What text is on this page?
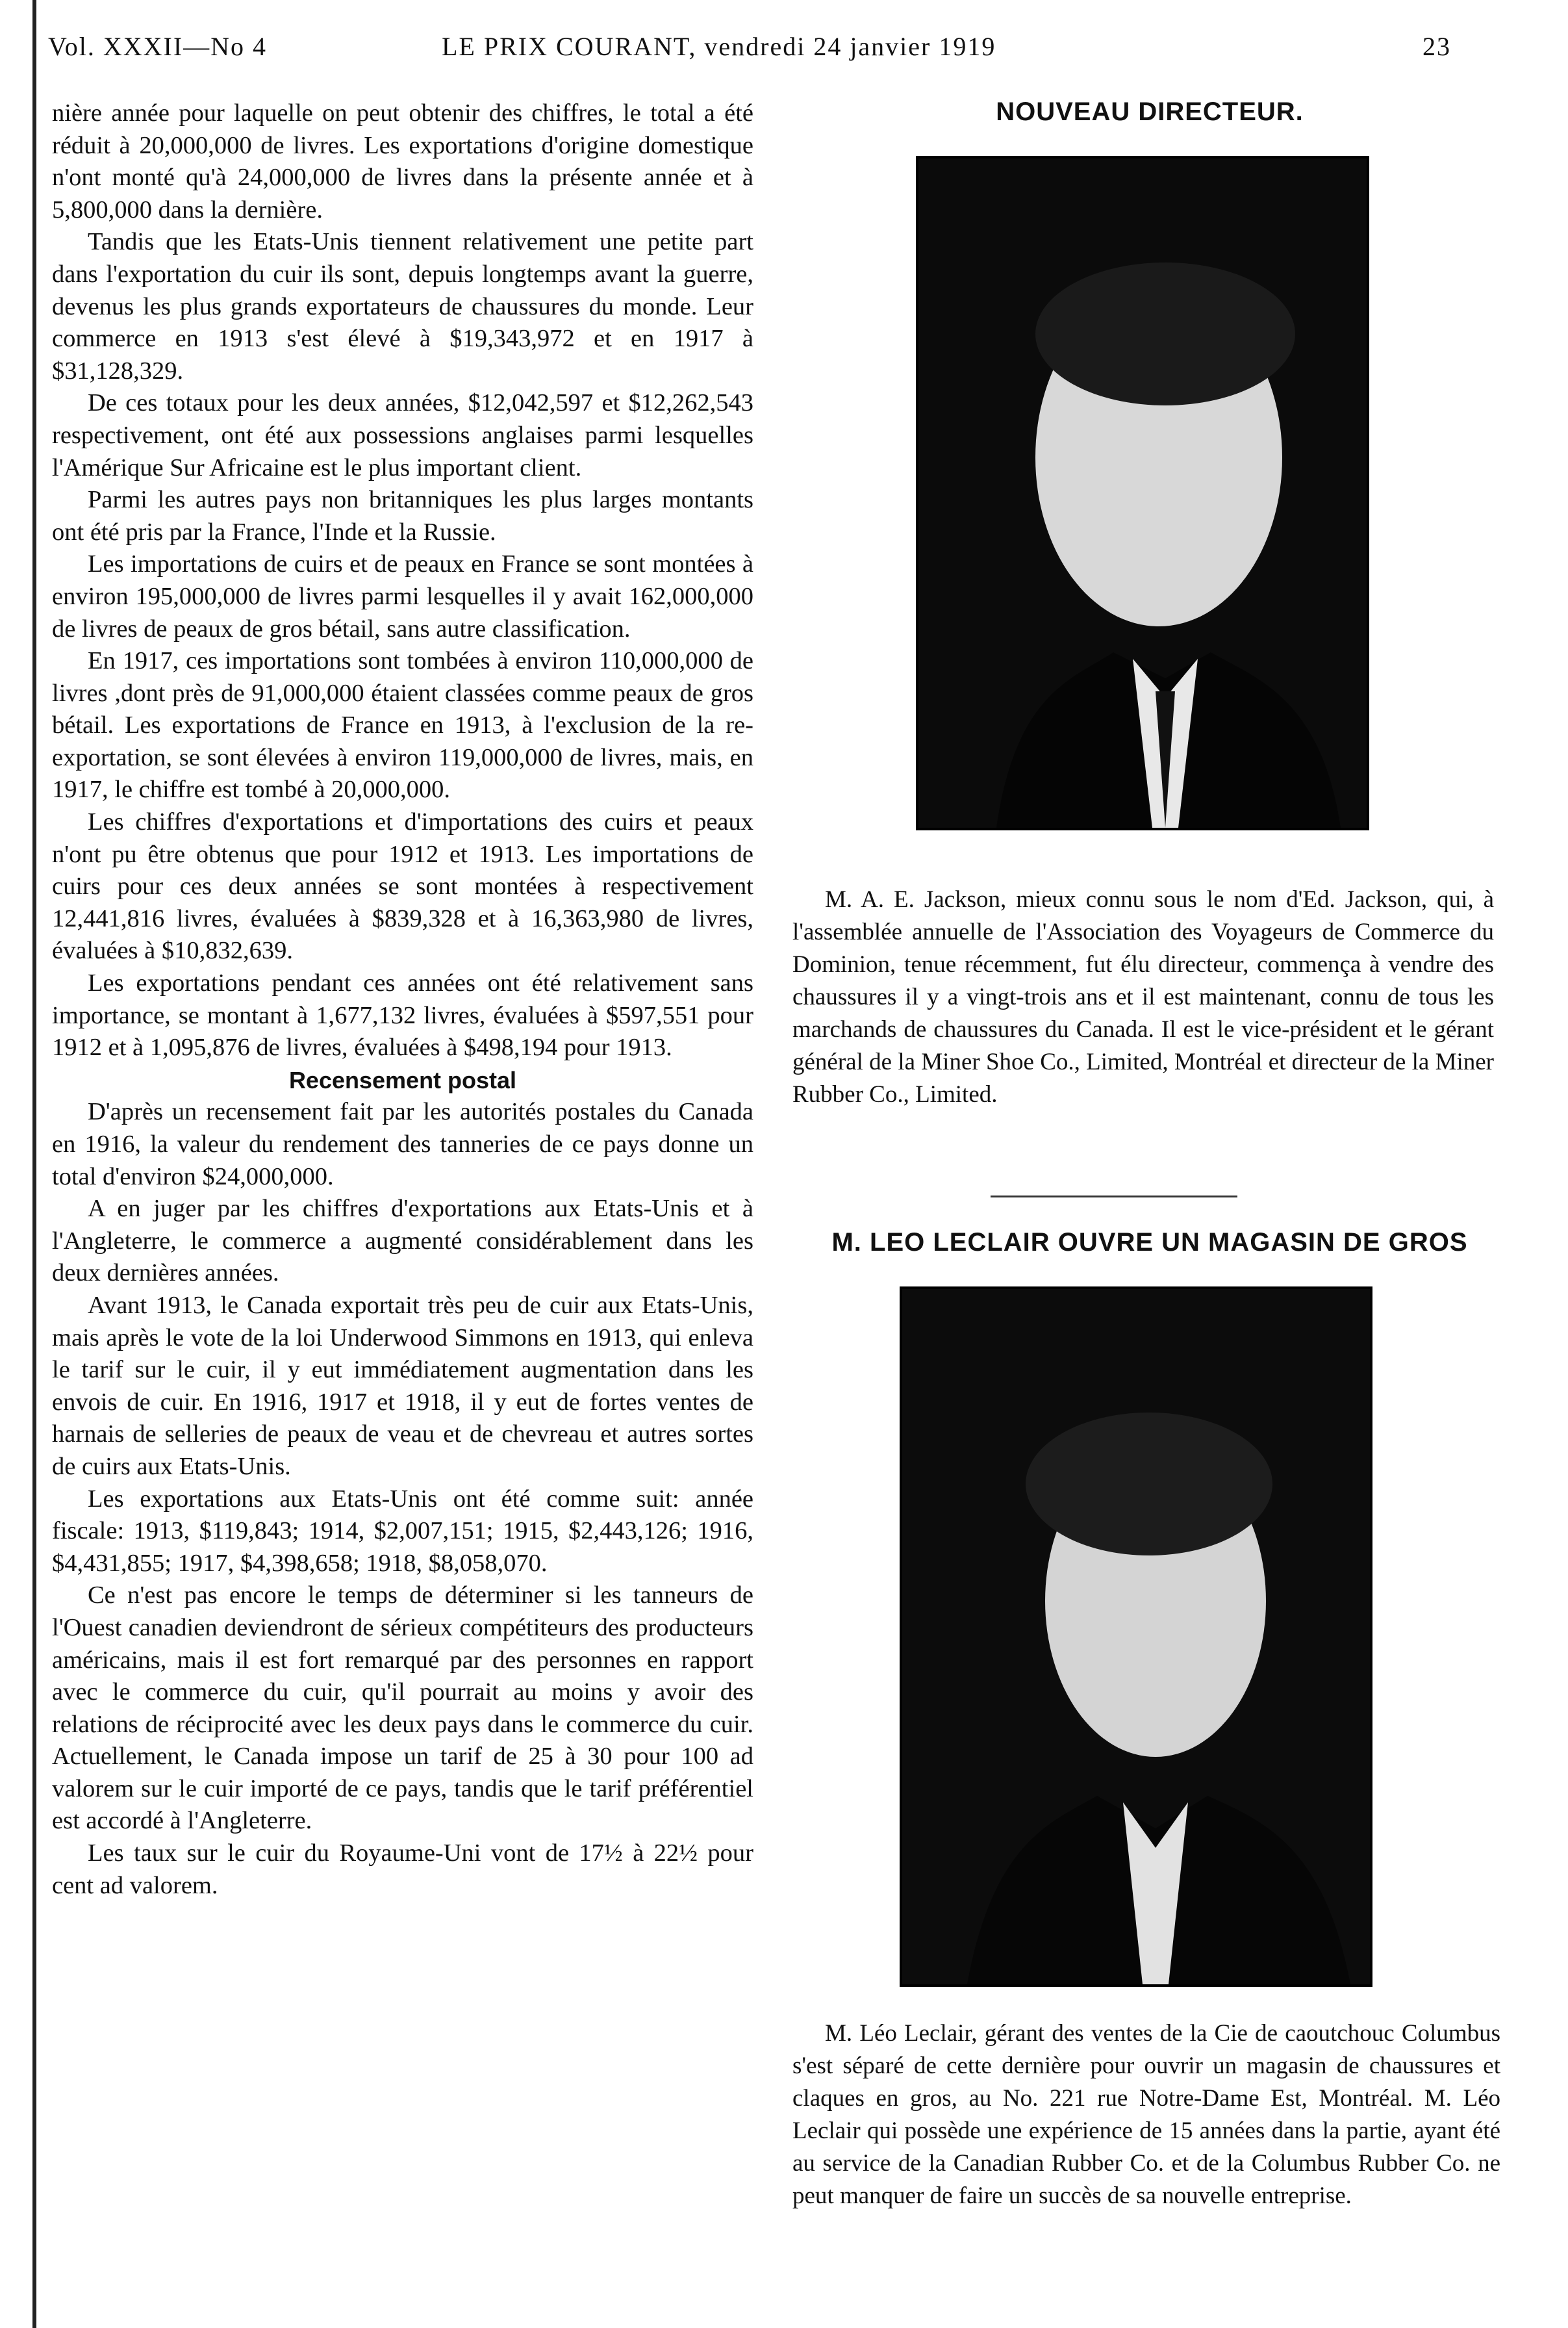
Vol. XXXII—No 4	LE PRIX COURANT, vendredi 24 janvier 1919	23

nière année pour laquelle on peut obtenir des chiffres, le total a été réduit à 20,000,000 de livres. Les exportations d'origine domestique n'ont monté qu'à 24,000,000 de livres dans la présente année et à 5,800,000 dans la dernière.

Tandis que les Etats-Unis tiennent relativement une petite part dans l'exportation du cuir ils sont, depuis longtemps avant la guerre, devenus les plus grands exportateurs de chaussures du monde. Leur commerce en 1913 s'est élevé à $19,343,972 et en 1917 à $31,128,329.

De ces totaux pour les deux années, $12,042,597 et $12,262,543 respectivement, ont été aux possessions anglaises parmi lesquelles l'Amérique Sur Africaine est le plus important client.

Parmi les autres pays non britanniques les plus larges montants ont été pris par la France, l'Inde et la Russie.

Les importations de cuirs et de peaux en France se sont montées à environ 195,000,000 de livres parmi lesquelles il y avait 162,000,000 de livres de peaux de gros bétail, sans autre classification.

En 1917, ces importations sont tombées à environ 110,000,000 de livres ,dont près de 91,000,000 étaient classées comme peaux de gros bétail. Les exportations de France en 1913, à l'exclusion de la re-exportation, se sont élevées à environ 119,000,000 de livres, mais, en 1917, le chiffre est tombé à 20,000,000.

Les chiffres d'exportations et d'importations des cuirs et peaux n'ont pu être obtenus que pour 1912 et 1913. Les importations de cuirs pour ces deux années se sont montées à respectivement 12,441,816 livres, évaluées à $839,328 et à 16,363,980 de livres, évaluées à $10,832,639.

Les exportations pendant ces années ont été relativement sans importance, se montant à 1,677,132 livres, évaluées à $597,551 pour 1912 et à 1,095,876 de livres, évaluées à $498,194 pour 1913.

Recensement postal

D'après un recensement fait par les autorités postales du Canada en 1916, la valeur du rendement des tanneries de ce pays donne un total d'environ $24,000,000.

A en juger par les chiffres d'exportations aux Etats-Unis et à l'Angleterre, le commerce a augmenté considérablement dans les deux dernières années.

Avant 1913, le Canada exportait très peu de cuir aux Etats-Unis, mais après le vote de la loi Underwood Simmons en 1913, qui enleva le tarif sur le cuir, il y eut immédiatement augmentation dans les envois de cuir. En 1916, 1917 et 1918, il y eut de fortes ventes de harnais de selleries de peaux de veau et de chevreau et autres sortes de cuirs aux Etats-Unis.

Les exportations aux Etats-Unis ont été comme suit: année fiscale: 1913, $119,843; 1914, $2,007,151; 1915, $2,443,126; 1916, $4,431,855; 1917, $4,398,658; 1918, $8,058,070.

Ce n'est pas encore le temps de déterminer si les tanneurs de l'Ouest canadien deviendront de sérieux compétiteurs des producteurs américains, mais il est fort remarqué par des personnes en rapport avec le commerce du cuir, qu'il pourrait au moins y avoir des relations de réciprocité avec les deux pays dans le commerce du cuir. Actuellement, le Canada impose un tarif de 25 à 30 pour 100 ad valorem sur le cuir importé de ce pays, tandis que le tarif préférentiel est accordé à l'Angleterre.

Les taux sur le cuir du Royaume-Uni vont de 17½ à 22½ pour cent ad valorem.

NOUVEAU DIRECTEUR.
M. A. E. Jackson, mieux connu sous le nom d'Ed. Jackson, qui, à l'assemblée annuelle de l'Association des Voyageurs de Commerce du Dominion, tenue récemment, fut élu directeur, commença à vendre des chaussures il y a vingt-trois ans et il est maintenant, connu de tous les marchands de chaussures du Canada. Il est le vice-président et le gérant général de la Miner Shoe Co., Limited, Montréal et directeur de la Miner Rubber Co., Limited.
M. LEO LECLAIR OUVRE UN MAGASIN DE GROS
M. Léo Leclair, gérant des ventes de la Cie de caoutchouc Columbus s'est séparé de cette dernière pour ouvrir un magasin de chaussures et claques en gros, au No. 221 rue Notre-Dame Est, Montréal. M. Léo Leclair qui possède une expérience de 15 années dans la partie, ayant été au service de la Canadian Rubber Co. et de la Columbus Rubber Co. ne peut manquer de faire un succès de sa nouvelle entreprise.
